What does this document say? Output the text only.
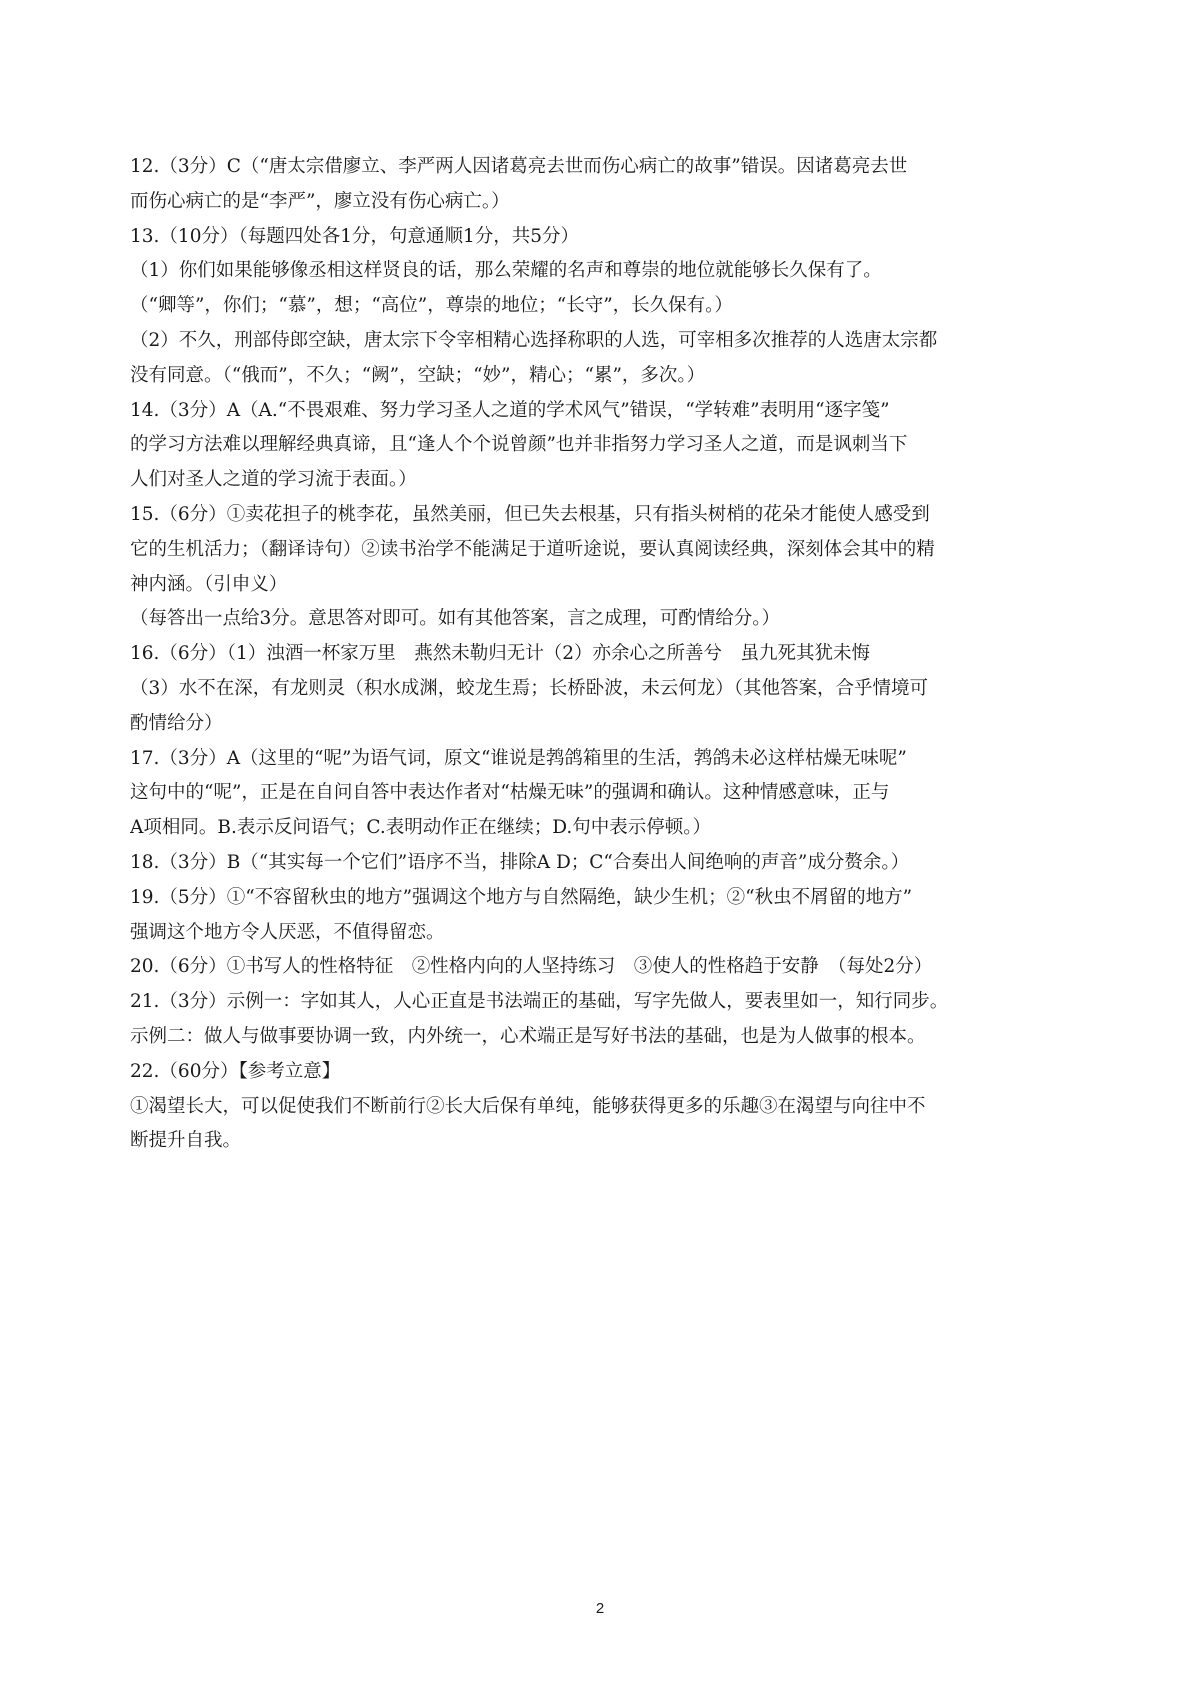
12.（3分）C（“唐太宗借廖立、李严两人因诸葛亮去世而伤心病亡的故事”错误。因诸葛亮去世
而伤心病亡的是“李严”，廖立没有伤心病亡。）
13.（10分）（每题四处各1分，句意通顺1分，共5分）
（1）你们如果能够像丞相这样贤良的话，那么荣耀的名声和尊崇的地位就能够长久保有了。
（“卿等”，你们；“慕”，想；“高位”，尊崇的地位；“长守”，长久保有。）
（2）不久，刑部侍郎空缺，唐太宗下令宰相精心选择称职的人选，可宰相多次推荐的人选唐太宗都
没有同意。（“俄而”，不久；“阙”，空缺；“妙”，精心；“累”，多次。）
14.（3分）A（A.“不畏艰难、努力学习圣人之道的学术风气”错误，“学转难”表明用“逐字笺”
的学习方法难以理解经典真谛，且“逢人个个说曾颜”也并非指努力学习圣人之道，而是讽刺当下
人们对圣人之道的学习流于表面。）
15.（6分）①卖花担子的桃李花，虽然美丽，但已失去根基，只有指头树梢的花朵才能使人感受到
它的生机活力；（翻译诗句）②读书治学不能满足于道听途说，要认真阅读经典，深刻体会其中的精
神内涵。（引申义）
（每答出一点给3分。意思答对即可。如有其他答案，言之成理，可酌情给分。）
16.（6分）（1）浊酒一杯家万里　燕然未勒归无计（2）亦余心之所善兮　虽九死其犹未悔
（3）水不在深，有龙则灵（积水成渊，蛟龙生焉；长桥卧波，未云何龙）（其他答案，合乎情境可
酌情给分）
17.（3分）A（这里的“呢”为语气词，原文“谁说是鹁鸽箱里的生活，鹁鸽未必这样枯燥无味呢”
这句中的“呢”，正是在自问自答中表达作者对“枯燥无味”的强调和确认。这种情感意味，正与
A项相同。B.表示反问语气；C.表明动作正在继续；D.句中表示停顿。）
18.（3分）B（“其实每一个它们”语序不当，排除A D；C“合奏出人间绝响的声音”成分赘余。）
19.（5分）①“不容留秋虫的地方”强调这个地方与自然隔绝，缺少生机；②“秋虫不屑留的地方”
强调这个地方令人厌恶，不值得留恋。
20.（6分）①书写人的性格特征　②性格内向的人坚持练习　③使人的性格趋于安静　（每处2分）
21.（3分）示例一：字如其人，人心正直是书法端正的基础，写字先做人，要表里如一，知行同步。
示例二：做人与做事要协调一致，内外统一，心术端正是写好书法的基础，也是为人做事的根本。
22.（60分）【参考立意】
①渴望长大，可以促使我们不断前行②长大后保有单纯，能够获得更多的乐趣③在渴望与向往中不
断提升自我。
2
